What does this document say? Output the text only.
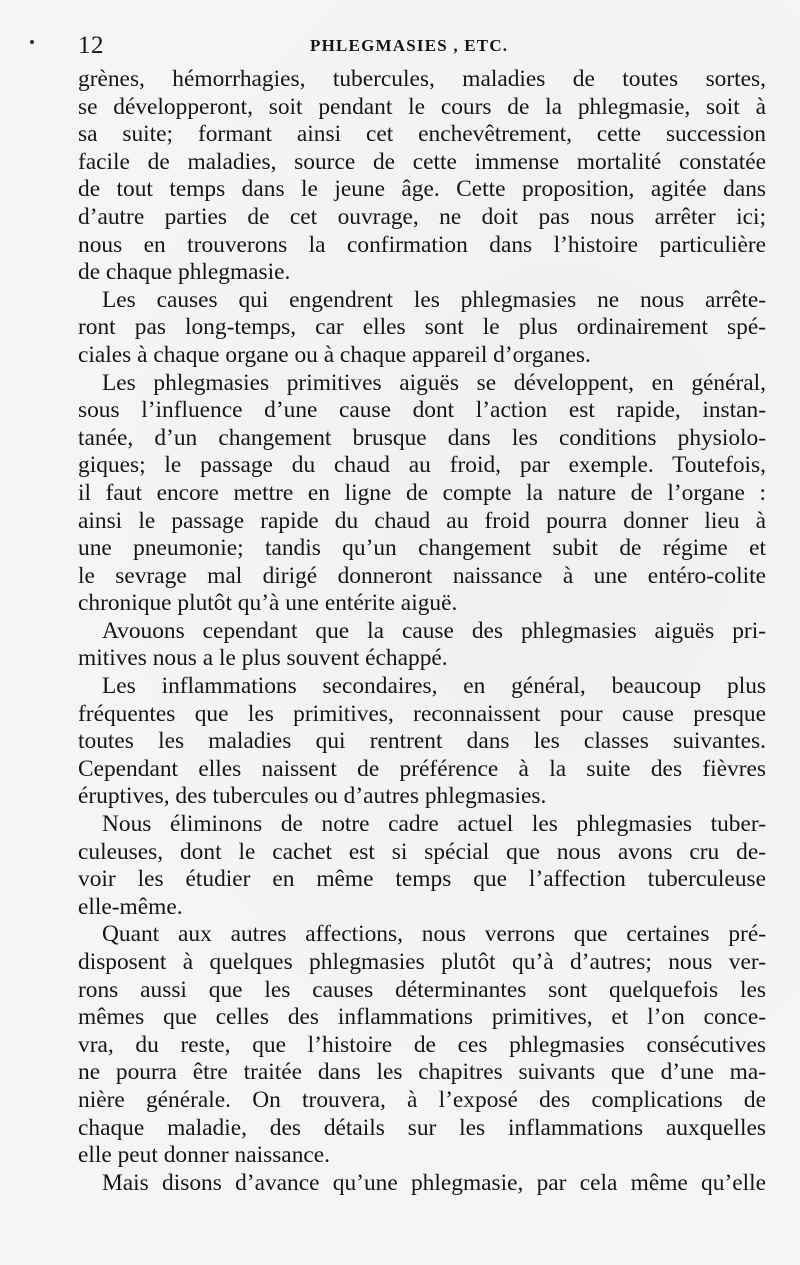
12	PHLEGMASIES , ETC.
grènes, hémorrhagies, tubercules, maladies de toutes sortes,
se développeront, soit pendant le cours de la phlegmasie, soit à
sa suite; formant ainsi cet enchevêtrement, cette succession
facile de maladies, source de cette immense mortalité constatée
de tout temps dans le jeune âge. Cette proposition, agitée dans
d’autre parties de cet ouvrage, ne doit pas nous arrêter ici;
nous en trouverons la confirmation dans l’histoire particulière
de chaque phlegmasie.
Les causes qui engendrent les phlegmasies ne nous arrête-
ront pas long-temps, car elles sont le plus ordinairement spé-
ciales à chaque organe ou à chaque appareil d’organes.
Les phlegmasies primitives aiguës se développent, en général,
sous l’influence d’une cause dont l’action est rapide, instan-
tanée, d’un changement brusque dans les conditions physiolo-
giques; le passage du chaud au froid, par exemple. Toutefois,
il faut encore mettre en ligne de compte la nature de l’organe :
ainsi le passage rapide du chaud au froid pourra donner lieu à
une pneumonie; tandis qu’un changement subit de régime et
le sevrage mal dirigé donneront naissance à une entéro-colite
chronique plutôt qu’à une entérite aiguë.
Avouons cependant que la cause des phlegmasies aiguës pri-
mitives nous a le plus souvent échappé.
Les inflammations secondaires, en général, beaucoup plus
fréquentes que les primitives, reconnaissent pour cause presque
toutes les maladies qui rentrent dans les classes suivantes.
Cependant elles naissent de préférence à la suite des fièvres
éruptives, des tubercules ou d’autres phlegmasies.
Nous éliminons de notre cadre actuel les phlegmasies tuber-
culeuses, dont le cachet est si spécial que nous avons cru de-
voir les étudier en même temps que l’affection tuberculeuse
elle-même.
Quant aux autres affections, nous verrons que certaines pré-
disposent à quelques phlegmasies plutôt qu’à d’autres; nous ver-
rons aussi que les causes déterminantes sont quelquefois les
mêmes que celles des inflammations primitives, et l’on conce-
vra, du reste, que l’histoire de ces phlegmasies consécutives
ne pourra être traitée dans les chapitres suivants que d’une ma-
nière générale. On trouvera, à l’exposé des complications de
chaque maladie, des détails sur les inflammations auxquelles
elle peut donner naissance.
Mais disons d’avance qu’une phlegmasie, par cela même qu’elle
